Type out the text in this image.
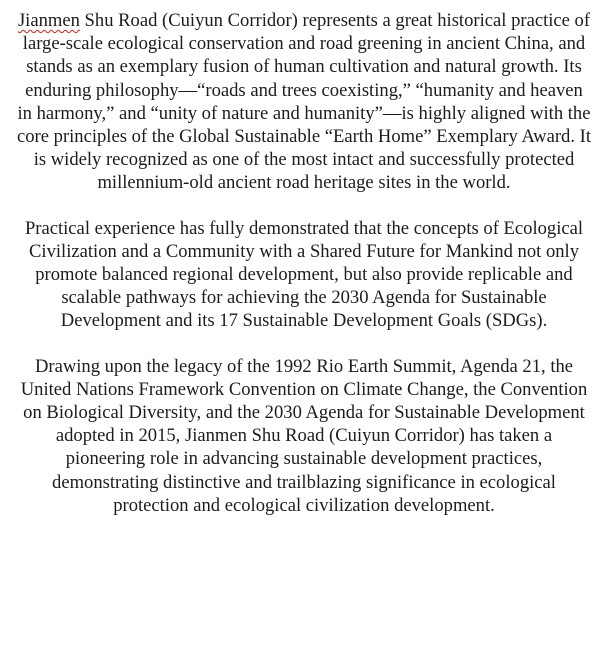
Jianmen Shu Road (Cuiyun Corridor) represents a great historical practice of large-scale ecological conservation and road greening in ancient China, and stands as an exemplary fusion of human cultivation and natural growth. Its enduring philosophy—“roads and trees coexisting,” “humanity and heaven in harmony,” and “unity of nature and humanity”—is highly aligned with the core principles of the Global Sustainable “Earth Home” Exemplary Award. It is widely recognized as one of the most intact and successfully protected millennium-old ancient road heritage sites in the world.

Practical experience has fully demonstrated that the concepts of Ecological Civilization and a Community with a Shared Future for Mankind not only promote balanced regional development, but also provide replicable and scalable pathways for achieving the 2030 Agenda for Sustainable Development and its 17 Sustainable Development Goals (SDGs).

Drawing upon the legacy of the 1992 Rio Earth Summit, Agenda 21, the United Nations Framework Convention on Climate Change, the Convention on Biological Diversity, and the 2030 Agenda for Sustainable Development adopted in 2015, Jianmen Shu Road (Cuiyun Corridor) has taken a pioneering role in advancing sustainable development practices, demonstrating distinctive and trailblazing significance in ecological protection and ecological civilization development.
